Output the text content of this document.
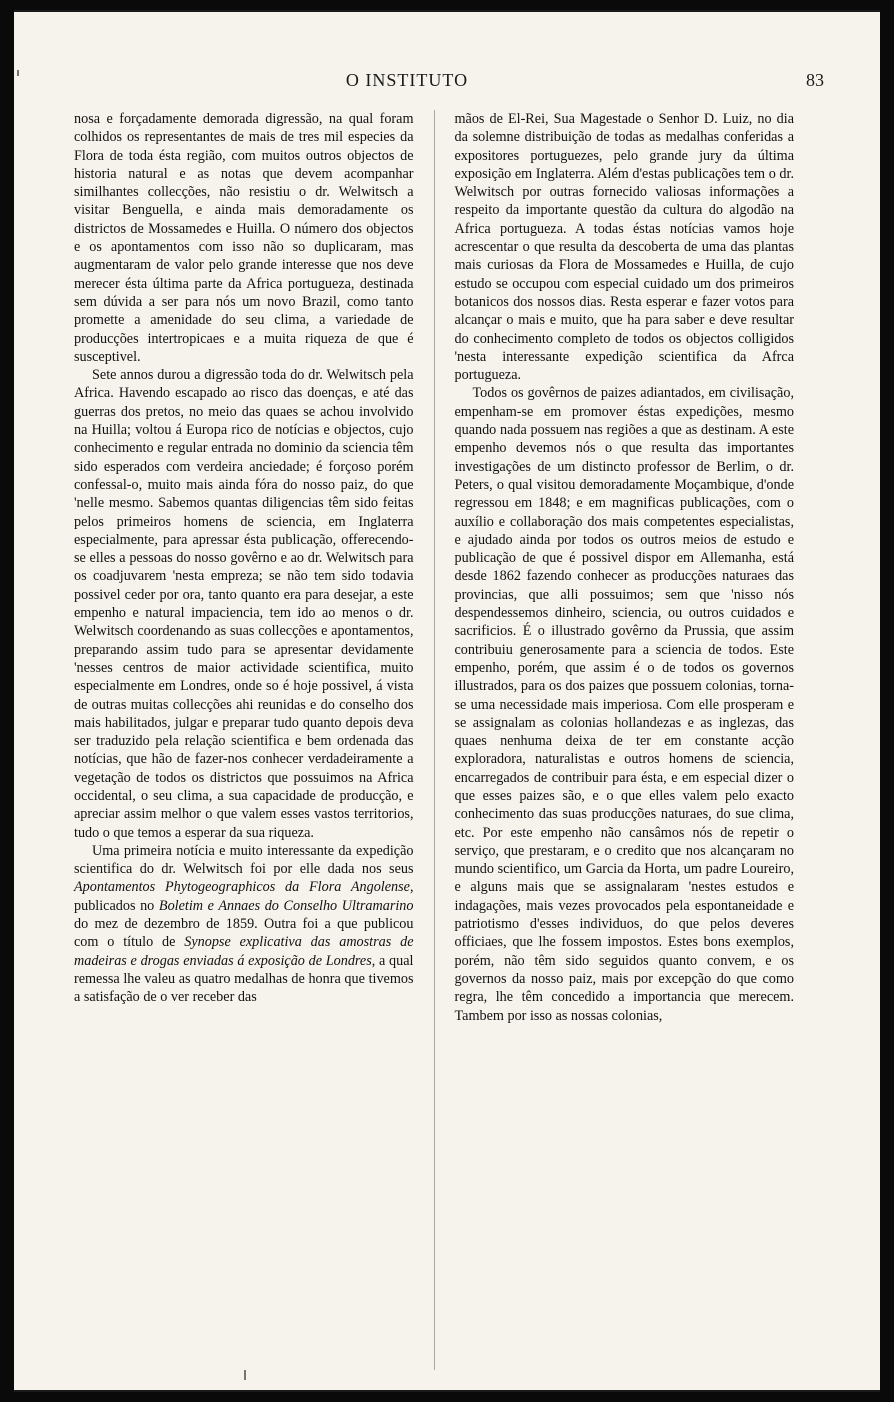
O INSTITUTO	83

nosa e forçadamente demorada digressão, na qual foram colhidos os representantes de mais de tres mil especies da Flora de toda ésta região, com muitos outros objectos de historia natural e as notas que devem acompanhar similhantes collecções, não resistiu o dr. Welwitsch a visitar Benguella, e ainda mais demoradamente os districtos de Mossamedes e Huilla. O número dos objectos e os apontamentos com isso não so duplicaram, mas augmentaram de valor pelo grande interesse que nos deve merecer ésta última parte da Africa portugueza, destinada sem dúvida a ser para nós um novo Brazil, como tanto promette a amenidade do seu clima, a variedade de producções intertropicaes e a muita riqueza de que é susceptivel.

Sete annos durou a digressão toda do dr. Welwitsch pela Africa. Havendo escapado ao risco das doenças, e até das guerras dos pretos, no meio das quaes se achou involvido na Huilla; voltou á Europa rico de notícias e objectos, cujo conhecimento e regular entrada no dominio da sciencia têm sido esperados com verdeira anciedade; é forçoso porém confessal-o, muito mais ainda fóra do nosso paiz, do que 'nelle mesmo. Sabemos quantas diligencias têm sido feitas pelos primeiros homens de sciencia, em Inglaterra especialmente, para apressar ésta publicação, offerecendo-se elles a pessoas do nosso govêrno e ao dr. Welwitsch para os coadjuvarem 'nesta empreza; se não tem sido todavia possivel ceder por ora, tanto quanto era para desejar, a este empenho e natural impaciencia, tem ido ao menos o dr. Welwitsch coordenando as suas collecções e apontamentos, preparando assim tudo para se apresentar devidamente 'nesses centros de maior actividade scientifica, muito especialmente em Londres, onde so é hoje possivel, á vista de outras muitas collecções ahi reunidas e do conselho dos mais habilitados, julgar e preparar tudo quanto depois deva ser traduzido pela relação scientifica e bem ordenada das notícias, que hão de fazer-nos conhecer verdadeiramente a vegetação de todos os districtos que possuimos na Africa occidental, o seu clima, a sua capacidade de producção, e apreciar assim melhor o que valem esses vastos territorios, tudo o que temos a esperar da sua riqueza.

Uma primeira notícia e muito interessante da expedição scientifica do dr. Welwitsch foi por elle dada nos seus Apontamentos Phytogeographicos da Flora Angolense, publicados no Boletim e Annaes do Conselho Ultramarino do mez de dezembro de 1859. Outra foi a que publicou com o título de Synopse explicativa das amostras de madeiras e drogas enviadas á exposição de Londres, a qual remessa lhe valeu as quatro medalhas de honra que tivemos a satisfação de o ver receber das

mãos de El-Rei, Sua Magestade o Senhor D. Luiz, no dia da solemne distribuição de todas as medalhas conferidas a expositores portuguezes, pelo grande jury da última exposição em Inglaterra. Além d'estas publicações tem o dr. Welwitsch por outras fornecido valiosas informações a respeito da importante questão da cultura do algodão na Africa portugueza. A todas éstas notícias vamos hoje acrescentar o que resulta da descoberta de uma das plantas mais curiosas da Flora de Mossamedes e Huilla, de cujo estudo se occupou com especial cuidado um dos primeiros botanicos dos nossos dias. Resta esperar e fazer votos para alcançar o mais e muito, que ha para saber e deve resultar do conhecimento completo de todos os objectos colligidos 'nesta interessante expedição scientifica da Afrca portugueza.

Todos os govêrnos de paizes adiantados, em civilisação, empenham-se em promover éstas expedições, mesmo quando nada possuem nas regiões a que as destinam. A este empenho devemos nós o que resulta das importantes investigações de um distincto professor de Berlim, o dr. Peters, o qual visitou demoradamente Moçambique, d'onde regressou em 1848; e em magnificas publicações, com o auxílio e collaboração dos mais competentes especialistas, e ajudado ainda por todos os outros meios de estudo e publicação de que é possivel dispor em Allemanha, está desde 1862 fazendo conhecer as producções naturaes das provincias, que alli possuimos; sem que 'nisso nós despendessemos dinheiro, sciencia, ou outros cuidados e sacrificios. É o illustrado govêrno da Prussia, que assim contribuiu generosamente para a sciencia de todos. Este empenho, porém, que assim é o de todos os governos illustrados, para os dos paizes que possuem colonias, torna-se uma necessidade mais imperiosa. Com elle prosperam e se assignalam as colonias hollandezas e as inglezas, das quaes nenhuma deixa de ter em constante acção exploradora, naturalistas e outros homens de sciencia, encarregados de contribuir para ésta, e em especial dizer o que esses paizes são, e o que elles valem pelo exacto conhecimento das suas producções naturaes, do sue clima, etc. Por este empenho não cansâmos nós de repetir o serviço, que prestaram, e o credito que nos alcançaram no mundo scientifico, um Garcia da Horta, um padre Loureiro, e alguns mais que se assignalaram 'nestes estudos e indagações, mais vezes provocados pela espontaneidade e patriotismo d'esses individuos, do que pelos deveres officiaes, que lhe fossem impostos. Estes bons exemplos, porém, não têm sido seguidos quanto convem, e os governos da nosso paiz, mais por excepção do que como regra, lhe têm concedido a importancia que merecem. Tambem por isso as nossas colonias,
